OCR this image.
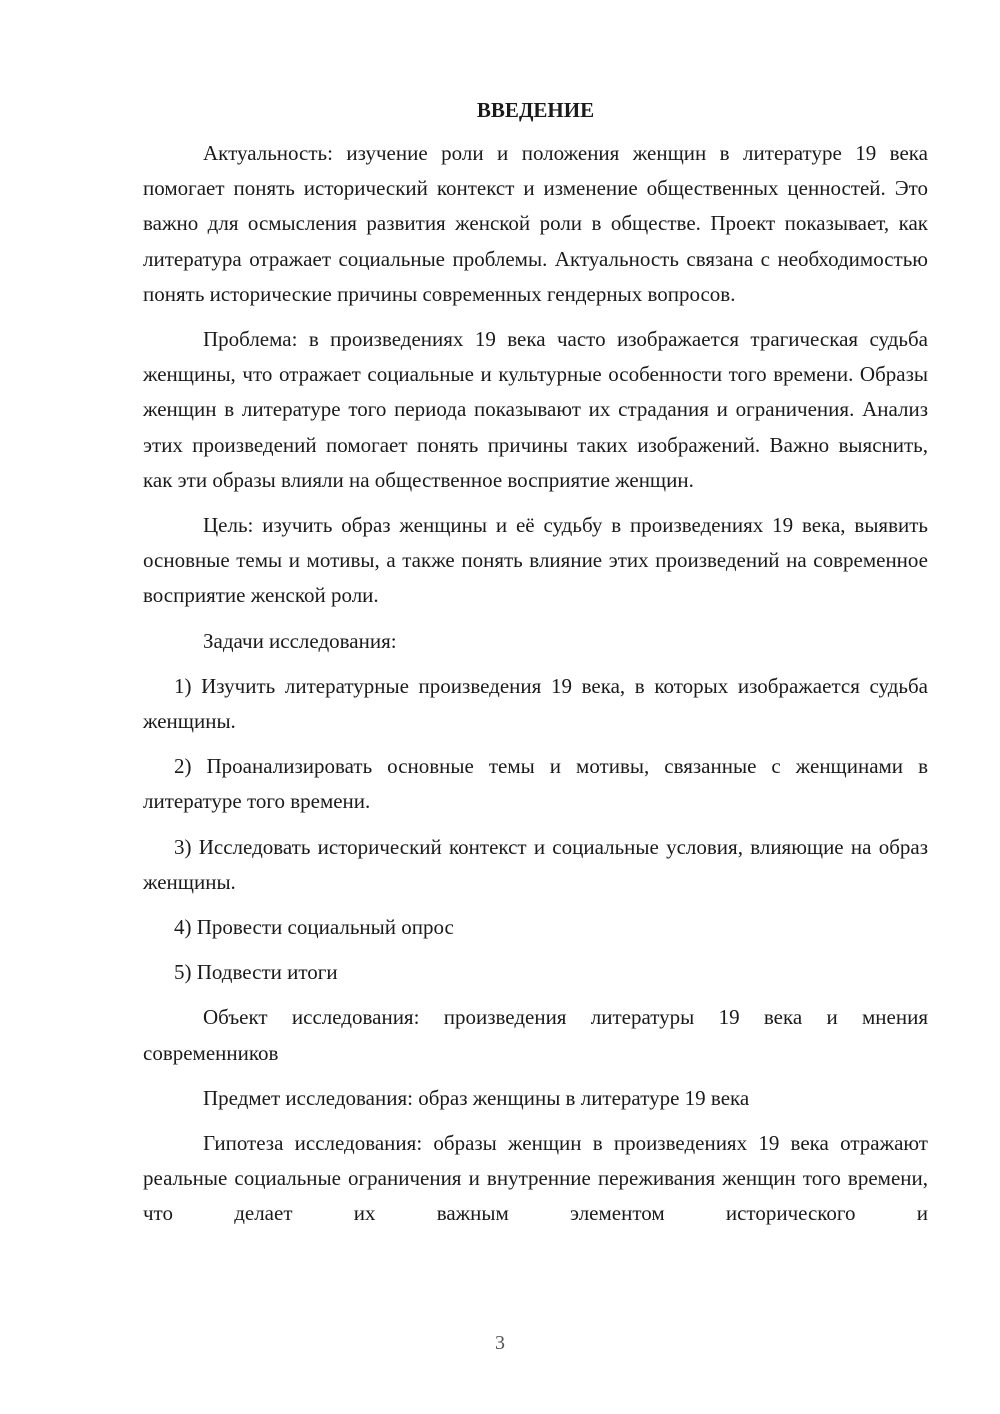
ВВЕДЕНИЕ

Актуальность: изучение роли и положения женщин в литературе 19 века помогает понять исторический контекст и изменение общественных ценностей. Это важно для осмысления развития женской роли в обществе. Проект показывает, как литература отражает социальные проблемы. Актуальность связана с необходимостью понять исторические причины современных гендерных вопросов.

Проблема: в произведениях 19 века часто изображается трагическая судьба женщины, что отражает социальные и культурные особенности того времени. Образы женщин в литературе того периода показывают их страдания и ограничения. Анализ этих произведений помогает понять причины таких изображений. Важно выяснить, как эти образы влияли на общественное восприятие женщин.

Цель: изучить образ женщины и её судьбу в произведениях 19 века, выявить основные темы и мотивы, а также понять влияние этих произведений на современное восприятие женской роли.

Задачи исследования:

1) Изучить литературные произведения 19 века, в которых изображается судьба женщины.

2) Проанализировать основные темы и мотивы, связанные с женщинами в литературе того времени.

3) Исследовать исторический контекст и социальные условия, влияющие на образ женщины.

4) Провести социальный опрос

5) Подвести итоги

Объект исследования: произведения литературы 19 века и мнения современников

Предмет исследования: образ женщины в литературе 19 века

Гипотеза исследования: образы женщин в произведениях 19 века отражают реальные социальные ограничения и внутренние переживания женщин того времени, что делает их важным элементом исторического и

3
